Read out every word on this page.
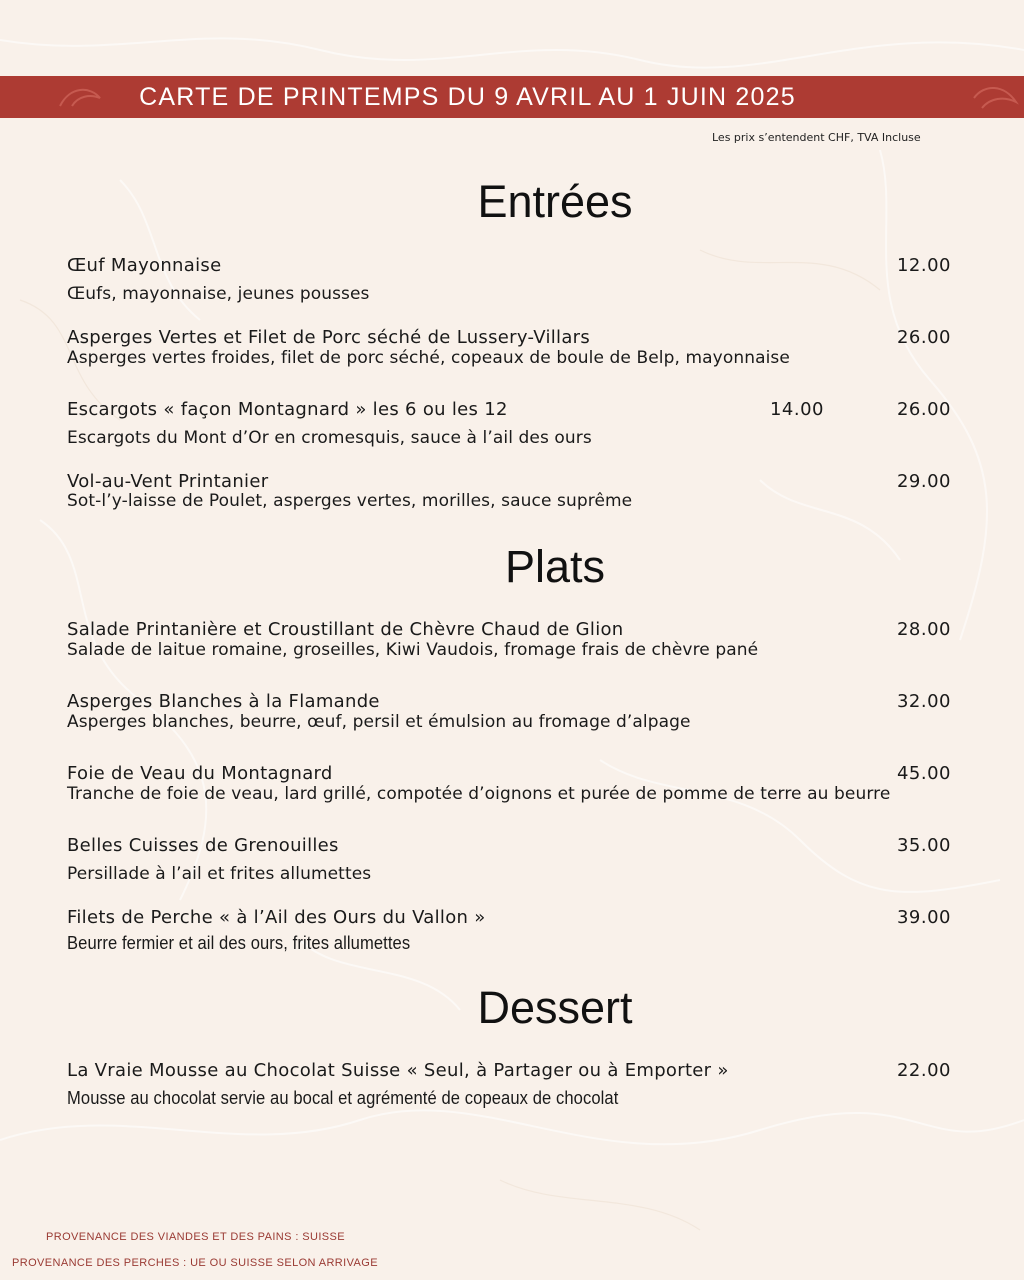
CARTE DE PRINTEMPS DU 9 AVRIL AU 1 JUIN 2025
Les prix s’entendent CHF, TVA Incluse
Entrées
Œuf Mayonnaise	12.00
Œufs, mayonnaise, jeunes pousses
Asperges Vertes et Filet de Porc séché de Lussery-Villars	26.00
Asperges vertes froides, filet de porc séché, copeaux de boule de Belp, mayonnaise
Escargots « façon Montagnard » les 6 ou les 12	14.00	26.00
Escargots du Mont d’Or en cromesquis, sauce à l’ail des ours
Vol-au-Vent Printanier	29.00
Sot-l’y-laisse de Poulet, asperges vertes, morilles, sauce suprême
Plats
Salade Printanière et Croustillant de Chèvre Chaud de Glion	28.00
Salade de laitue romaine, groseilles, Kiwi Vaudois, fromage frais de chèvre pané
Asperges Blanches à la Flamande	32.00
Asperges blanches, beurre, œuf, persil et émulsion au fromage d’alpage
Foie de Veau du Montagnard	45.00
Tranche de foie de veau, lard grillé, compotée d’oignons et purée de pomme de terre au beurre
Belles Cuisses de Grenouilles	35.00
Persillade à l’ail et frites allumettes
Filets de Perche « à l’Ail des Ours du Vallon »	39.00
Beurre fermier et ail des ours, frites allumettes
Dessert
La Vraie Mousse au Chocolat Suisse « Seul, à Partager ou à Emporter »	22.00
Mousse au chocolat servie au bocal et agrémenté de copeaux de chocolat
PROVENANCE DES VIANDES ET DES PAINS : SUISSE
PROVENANCE DES PERCHES : UE OU SUISSE SELON ARRIVAGE
